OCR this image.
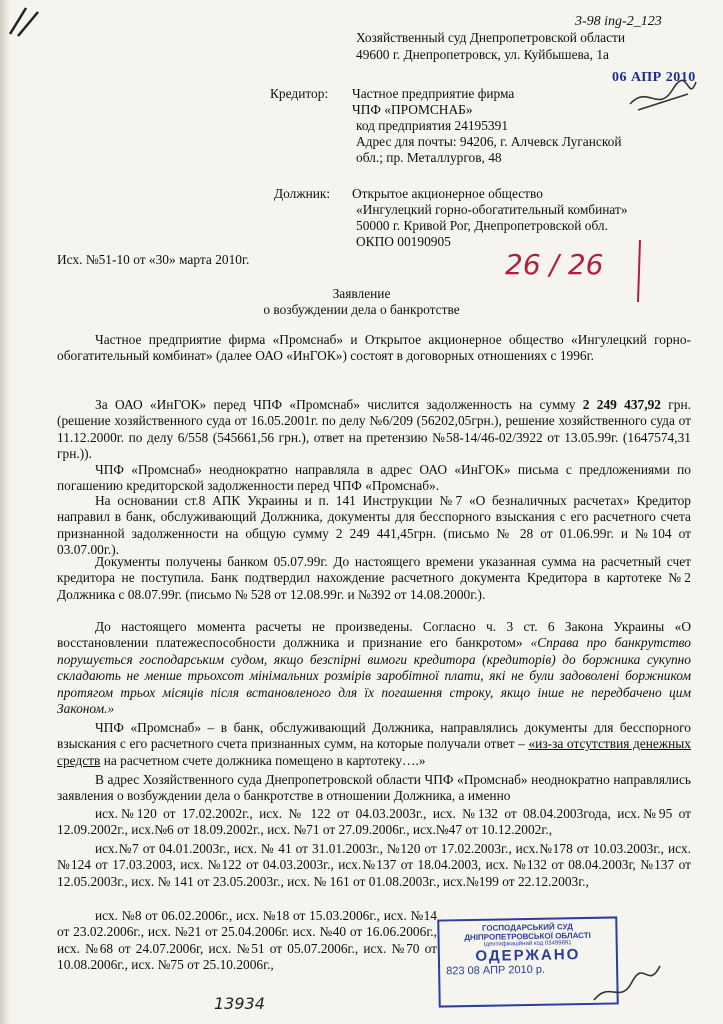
3-98 ing-2_123
Хозяйственный суд Днепропетровской области
49600 г. Днепропетровск, ул. Куйбышева, 1а
06 АПР 2010
Кредитор: Частное предприятие фирма
ЧПФ «ПРОМСНАБ»
код предприятия 24195391
Адрес для почты: 94206, г. Алчевск Луганской
обл.; пр. Металлургов, 48
Должник: Открытое акционерное общество
«Ингулецкий горно-обогатительный комбинат»
50000 г. Кривой Рог, Днепропетровской обл.
ОКПО 00190905
Исх. №51-10 от «30» марта 2010г.	26 / 26
Заявление
о возбуждении дела о банкротстве
Частное предприятие фирма «Промснаб» и Открытое акционерное общество «Ингулецкий горно-обогатительный комбинат» (далее ОАО «ИнГОК») состоят в договорных отношениях с 1996г.
За ОАО «ИнГОК» перед ЧПФ «Промснаб» числится задолженность на сумму 2 249 437,92 грн. (решение хозяйственного суда от 16.05.2001г. по делу №6/209 (56202,05грн.), решение хозяйственного суда от 11.12.2000г. по делу 6/558 (545661,56 грн.), ответ на претензию №58-14/46-02/3922 от 13.05.99г. (1647574,31 грн.)).
ЧПФ «Промснаб» неоднократно направляла в адрес ОАО «ИнГОК» письма с предложениями по погашению кредиторской задолженности перед ЧПФ «Промснаб».
На основании ст.8 АПК Украины и п. 141 Инструкции №7 «О безналичных расчетах» Кредитор направил в банк, обслуживающий Должника, документы для бесспорного взыскания с его расчетного счета признанной задолженности на общую сумму 2 249 441,45грн. (письмо № 28 от 01.06.99г. и №104 от 03.07.00г.).
Документы получены банком 05.07.99г. До настоящего времени указанная сумма на расчетный счет кредитора не поступила. Банк подтвердил нахождение расчетного документа Кредитора в картотеке №2 Должника с 08.07.99г. (письмо № 528 от 12.08.99г. и №392 от 14.08.2000г.).
До настоящего момента расчеты не произведены. Согласно ч. 3 ст. 6 Закона Украины «О восстановлении платежеспособности должника и признание его банкротом» «Справа про банкрутство порушується господарським судом, якщо безспірні вимоги кредитора (кредиторів) до боржника сукупно складають не менше трьохсот мінімальних розмірів заробітної плати, які не були задоволені боржником протягом трьох місяців після встановленого для їх погашення строку, якщо інше не передбачено цим Законом.»
ЧПФ «Промснаб» – в банк, обслуживающий Должника, направлялись документы для бесспорного взыскания с его расчетного счета признанных сумм, на которые получали ответ – «из-за отсутствия денежных средств на расчетном счете должника помещено в картотеку….»
В адрес Хозяйственного суда Днепропетровской области ЧПФ «Промснаб» неоднократно направлялись заявления о возбуждении дела о банкротстве в отношении Должника, а именно
исх.№120 от 17.02.2002г., исх. № 122 от 04.03.2003г., исх. №132 от 08.04.2003года, исх.№95 от 12.09.2002г., исх.№6 от 18.09.2002г., исх. №71 от 27.09.2006г., исх.№47 от 10.12.2002г.,
исх.№7 от 04.01.2003г., исх. № 41 от 31.01.2003г., №120 от 17.02.2003г., исх.№178 от 10.03.2003г., исх. №124 от 17.03.2003, исх. №122 от 04.03.2003г., исх.№137 от 18.04.2003, исх. №132 от 08.04.2003г, №137 от 12.05.2003г., исх. № 141 от 23.05.2003г., исх. № 161 от 01.08.2003г., исх.№199 от 22.12.2003г.,
исх. №8 от 06.02.2006г., исх. №18 от 15.03.2006г., исх. №14 от 23.02.2006г., исх. №21 от 25.04.2006г. исх. №40 от 16.06.2006г., исх. №68 от 24.07.2006г, исх. №51 от 05.07.2006г., исх. №70 от 10.08.2006г., исх. №75 от 25.10.2006г.,
ГОСПОДАРСЬКИЙ СУД
ДНІПРОПЕТРОВСЬКОЇ ОБЛАСТІ
Ідентифікаційний код 03499891
ОДЕРЖАНО
823 08 АПР 2010 р.
13934
